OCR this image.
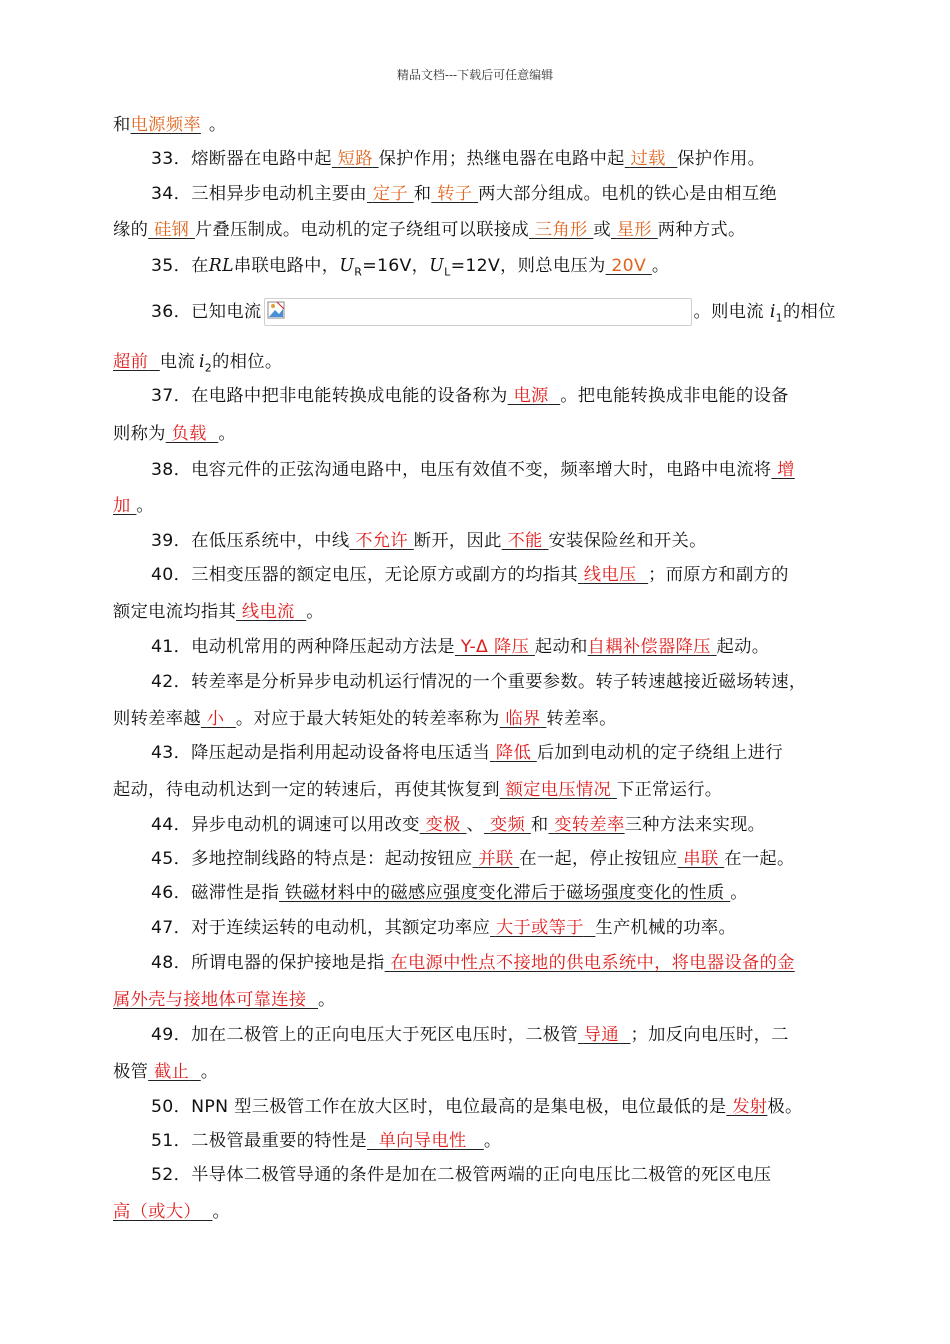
精品文档---下载后可任意编辑
和电源频率 。
33．熔断器在电路中起 短路 保护作用；热继电器在电路中起 过载 保护作用。
34．三相异步电动机主要由 定子 和 转子 两大部分组成。电机的铁心是由相互绝
缘的 硅钢 片叠压制成。电动机的定子绕组可以联接成 三角形 或 星形 两种方式。
35．在RL串联电路中，$U_R=16V$，$U_L=12V$，则总电压为 20V 。
36．已知电流	。则电流 $i_1$的相位
超前 电流 $i_2$的相位。
37．在电路中把非电能转换成电能的设备称为 电源 。把电能转换成非电能的设备
则称为 负载 。
38．电容元件的正弦沟通电路中，电压有效值不变，频率增大时，电路中电流将 增
加 。
39．在低压系统中，中线 不允许 断开，因此 不能 安装保险丝和开关。
40．三相变压器的额定电压，无论原方或副方的均指其 线电压 ；而原方和副方的
额定电流均指其 线电流 。
41．电动机常用的两种降压起动方法是 Y-Δ 降压 起动和自耦补偿器降压 起动。
42．转差率是分析异步电动机运行情况的一个重要参数。转子转速越接近磁场转速，
则转差率越 小 。对应于最大转矩处的转差率称为 临界 转差率。
43．降压起动是指利用起动设备将电压适当 降低 后加到电动机的定子绕组上进行
起动，待电动机达到一定的转速后，再使其恢复到 额定电压情况 下正常运行。
44．异步电动机的调速可以用改变 变极 、 变频 和 变转差率三种方法来实现。
45．多地控制线路的特点是：起动按钮应 并联 在一起，停止按钮应 串联 在一起。
46．磁滞性是指 铁磁材料中的磁感应强度变化滞后于磁场强度变化的性质 。
47．对于连续运转的电动机，其额定功率应 大于或等于 生产机械的功率。
48．所谓电器的保护接地是指 在电源中性点不接地的供电系统中，将电器设备的金
属外壳与接地体可靠连接 。
49．加在二极管上的正向电压大于死区电压时，二极管 导通 ；加反向电压时，二
极管 截止 。
50．NPN 型三极管工作在放大区时，电位最高的是集电极，电位最低的是 发射极。
51．二极管最重要的特性是 单向导电性 。
52．半导体二极管导通的条件是加在二极管两端的正向电压比二极管的死区电压
高（或大） 。
